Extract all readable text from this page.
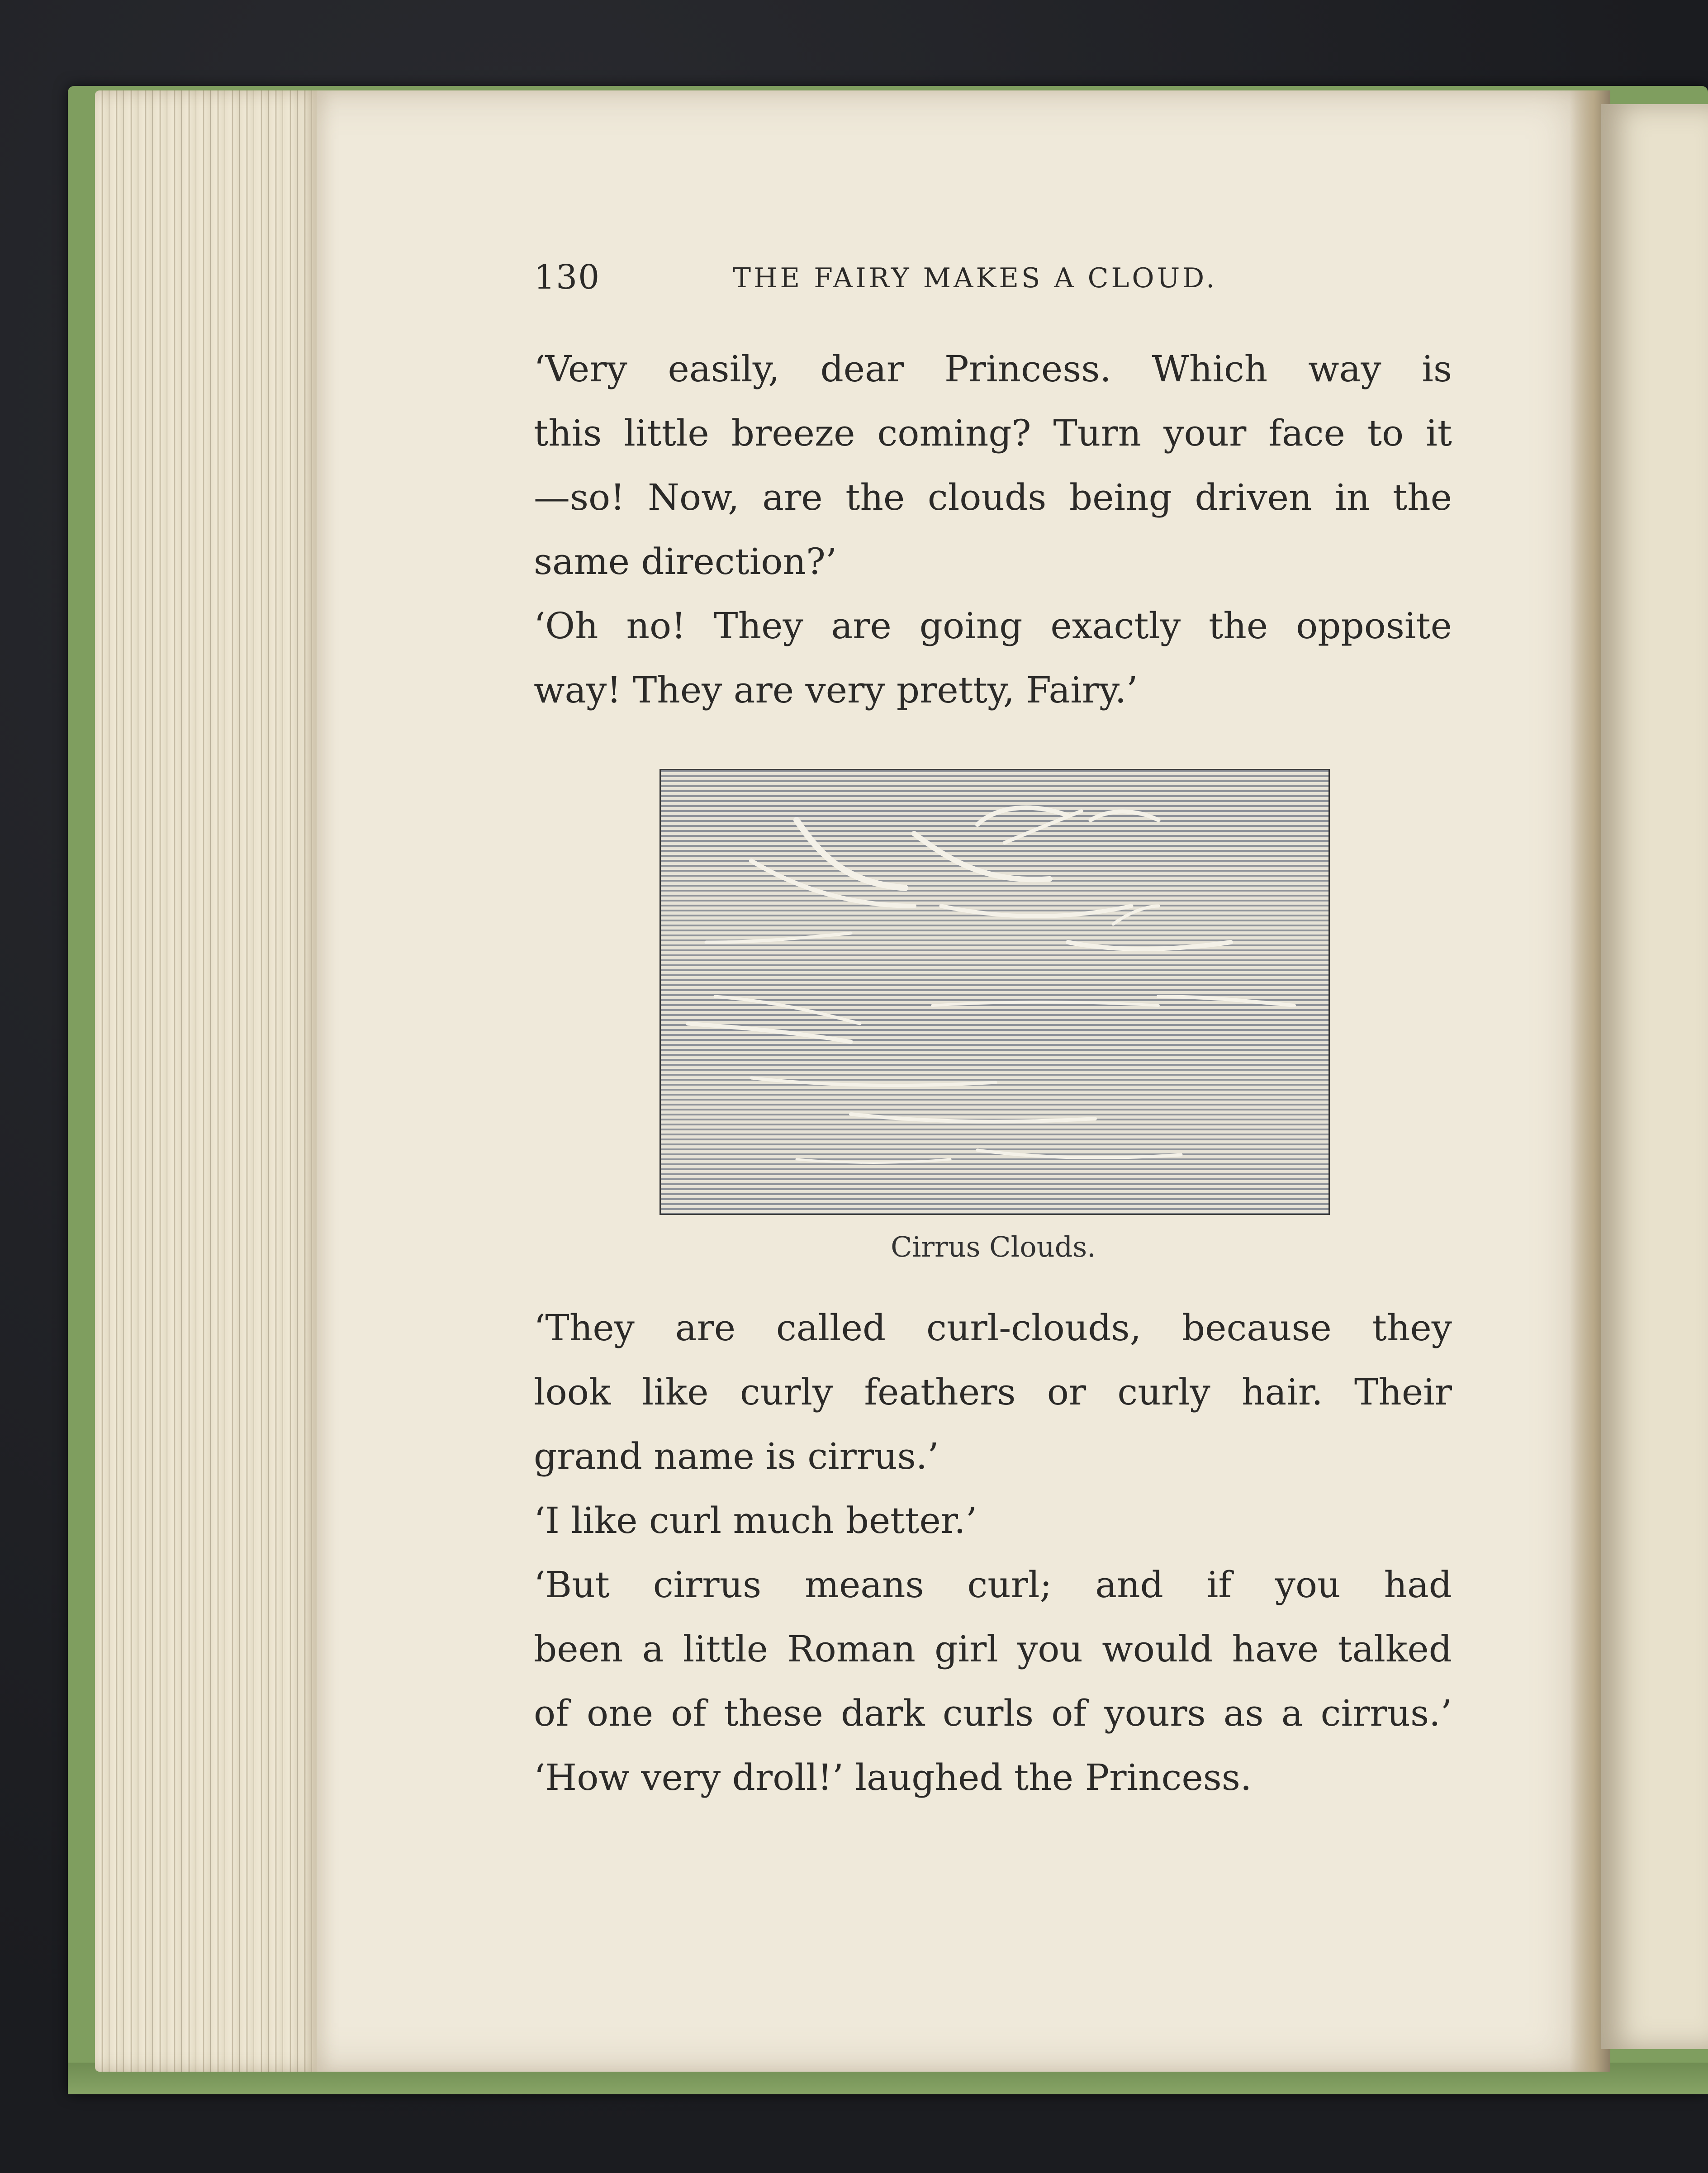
130	THE FAIRY MAKES A CLOUD.
‘Very easily, dear Princess. Which way is
this little breeze coming? Turn your face to it
—so! Now, are the clouds being driven in the
same direction?’
‘Oh no! They are going exactly the opposite
way! They are very pretty, Fairy.’
Cirrus Clouds.
‘They are called curl-clouds, because they
look like curly feathers or curly hair. Their
grand name is cirrus.’
‘I like curl much better.’
‘But cirrus means curl; and if you had
been a little Roman girl you would have talked
of one of these dark curls of yours as a cirrus.’
‘How very droll!’ laughed the Princess.
